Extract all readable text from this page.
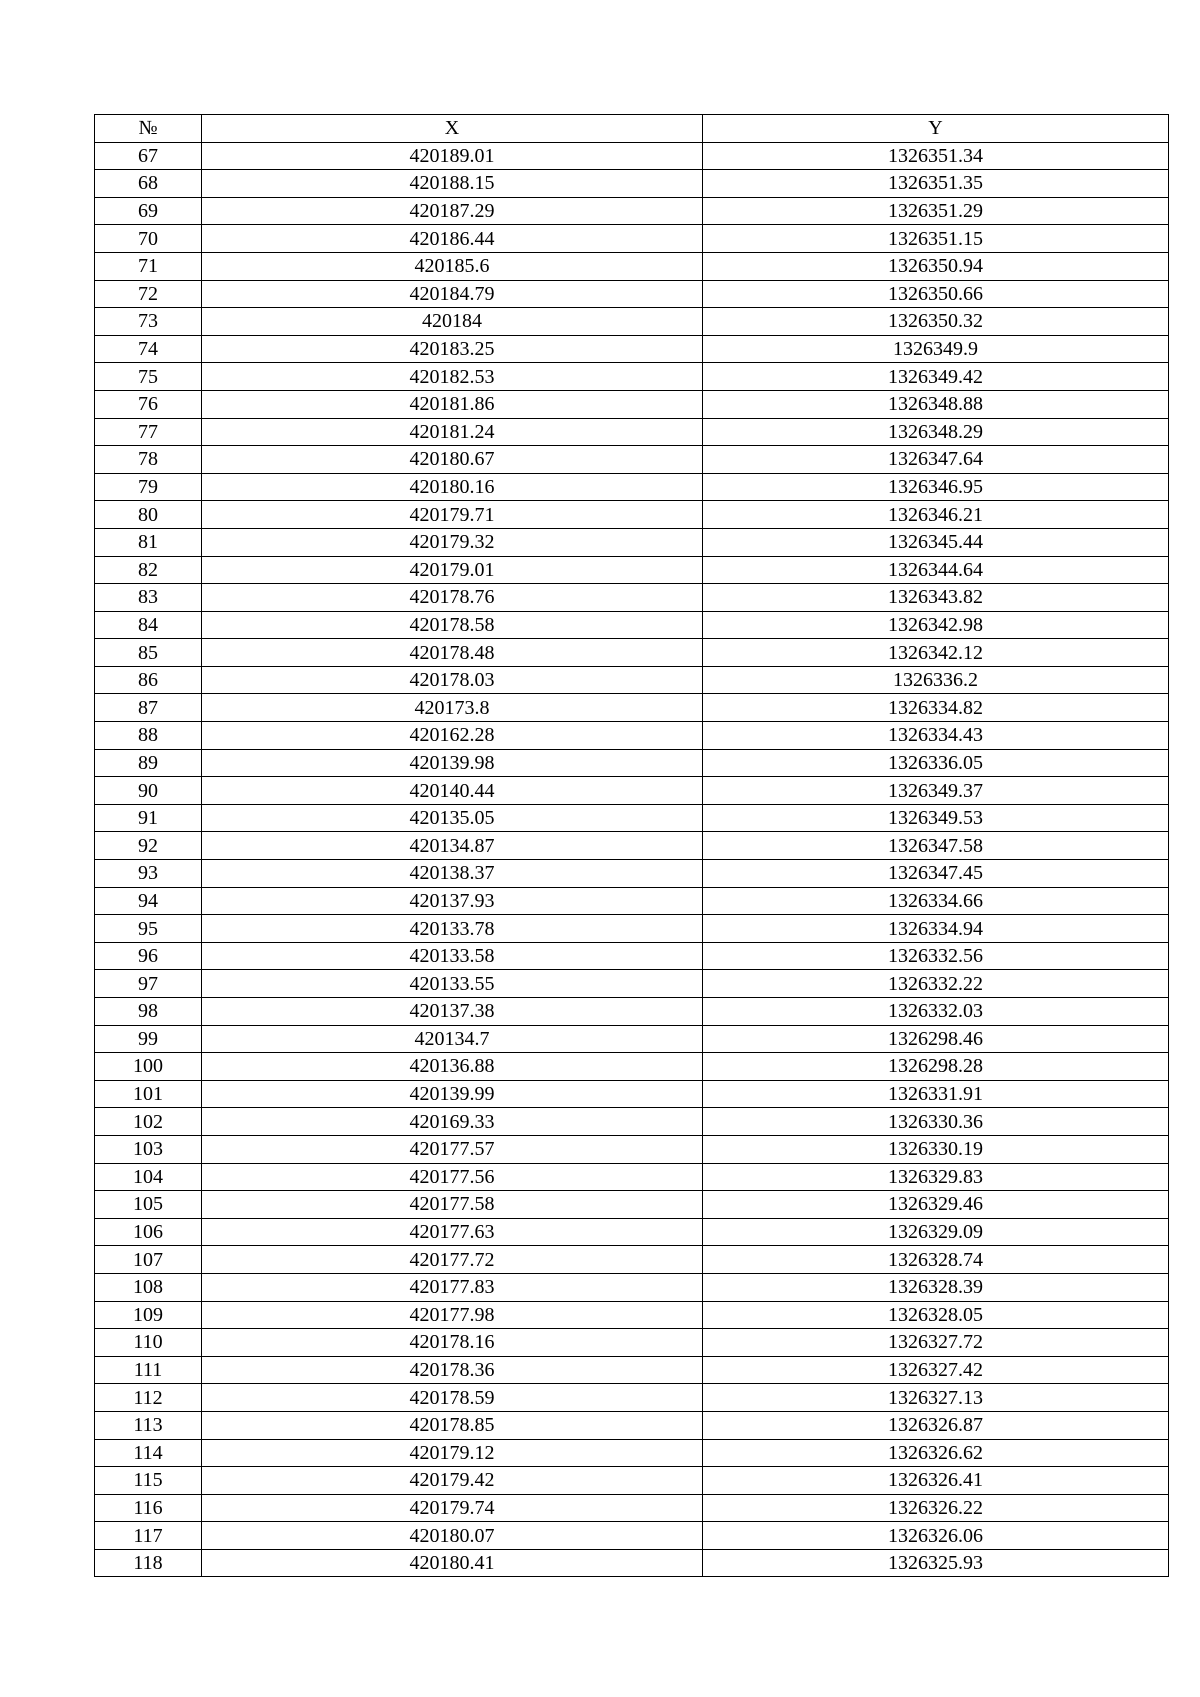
№	X	Y
67	420189.01	1326351.34
68	420188.15	1326351.35
69	420187.29	1326351.29
70	420186.44	1326351.15
71	420185.6	1326350.94
72	420184.79	1326350.66
73	420184	1326350.32
74	420183.25	1326349.9
75	420182.53	1326349.42
76	420181.86	1326348.88
77	420181.24	1326348.29
78	420180.67	1326347.64
79	420180.16	1326346.95
80	420179.71	1326346.21
81	420179.32	1326345.44
82	420179.01	1326344.64
83	420178.76	1326343.82
84	420178.58	1326342.98
85	420178.48	1326342.12
86	420178.03	1326336.2
87	420173.8	1326334.82
88	420162.28	1326334.43
89	420139.98	1326336.05
90	420140.44	1326349.37
91	420135.05	1326349.53
92	420134.87	1326347.58
93	420138.37	1326347.45
94	420137.93	1326334.66
95	420133.78	1326334.94
96	420133.58	1326332.56
97	420133.55	1326332.22
98	420137.38	1326332.03
99	420134.7	1326298.46
100	420136.88	1326298.28
101	420139.99	1326331.91
102	420169.33	1326330.36
103	420177.57	1326330.19
104	420177.56	1326329.83
105	420177.58	1326329.46
106	420177.63	1326329.09
107	420177.72	1326328.74
108	420177.83	1326328.39
109	420177.98	1326328.05
110	420178.16	1326327.72
111	420178.36	1326327.42
112	420178.59	1326327.13
113	420178.85	1326326.87
114	420179.12	1326326.62
115	420179.42	1326326.41
116	420179.74	1326326.22
117	420180.07	1326326.06
118	420180.41	1326325.93
